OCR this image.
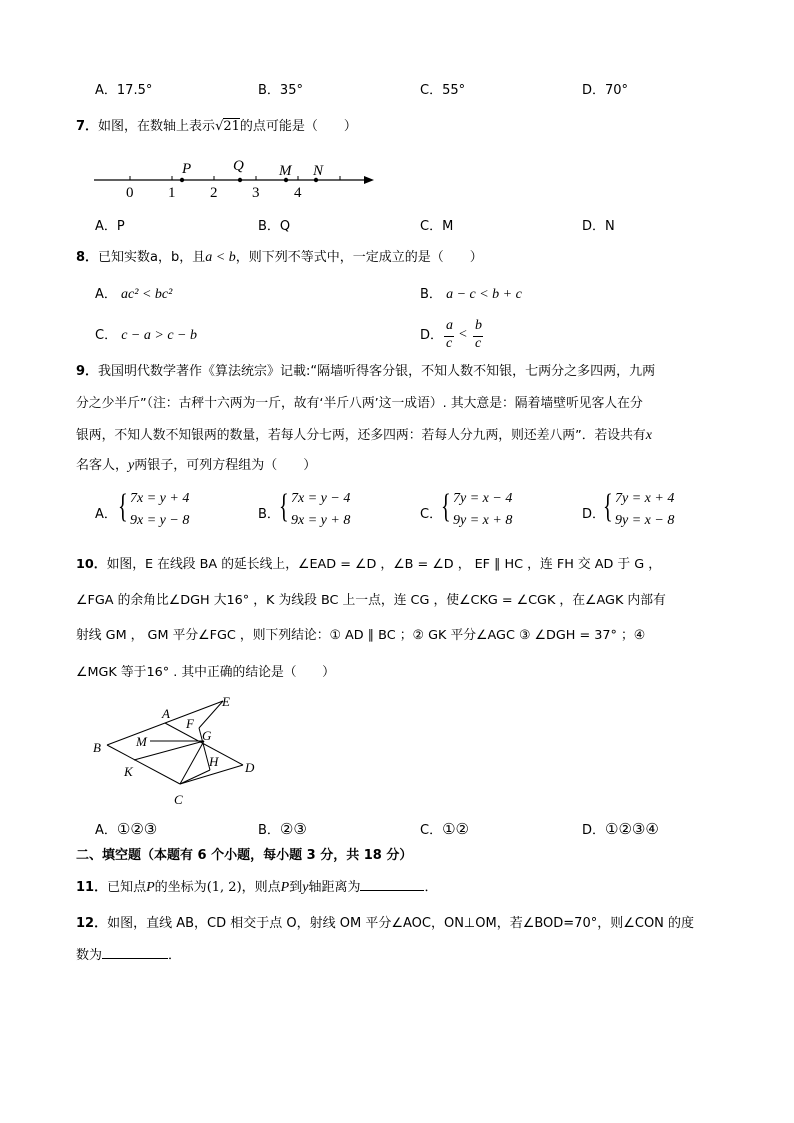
A．17.5°	B．35°	C．55°	D．70°
7．如图，在数轴上表示√21的点可能是（　　）
0 1 2 3 4
P	Q M N
A．P	B．Q	C．M	D．N
8．已知实数a，b，且a < b，则下列不等式中，一定成立的是（　　）
A． ac² < bc²	B． a − c < b + c
C． c − a > c − b	D．
a
c
<
b
c
9．我国明代数学著作《算法统宗》记載:“隔墙听得客分银，不知人数不知银，七两分之多四两，九两
分之少半斤”（注：古秤十六两为一斤，故有‘半斤八两’这一成语）. 其大意是：隔着墙壁听见客人在分
银两，不知人数不知银两的数量，若每人分七两，还多四两：若每人分九两，则还差八两”．若设共有x
名客人，y两银子，可列方程组为（　　）
A． { 7x = y + 4
9x = y − 8	B． { 7x = y − 4
9x = y + 8	C．
{ 7y = x − 4
9y = x + 8	D．
{ 7y = x + 4
9y = x − 8
10．如图，E 在线段 BA 的延长线上，∠EAD = ∠D ，∠B = ∠D ， EF ∥ HC ，连 FH 交 AD 于 G ，
∠FGA 的余角比∠DGH 大16° ，K 为线段 BC 上一点，连 CG ，使∠CKG = ∠CGK ，在∠AGK 内部有
射线 GM ， GM 平分∠FGC ，则下列结论：① AD ∥ BC ；② GK 平分∠AGC ③ ∠DGH = 37° ；④
∠MGK 等于16° . 其中正确的结论是（　　）
E
A
F
G
B	M
H D
K
C
A．①②③	B．②③	C．①②	D．①②③④
二、填空题（本题有 6 个小题，每小题 3 分，共 18 分）
11．已知点P的坐标为(1, 2)，则点P到y轴距离为	．
12．如图，直线 AB，CD 相交于点 O，射线 OM 平分∠AOC，ON⊥OM，若∠BOD=70°，则∠CON 的度
数为	．
